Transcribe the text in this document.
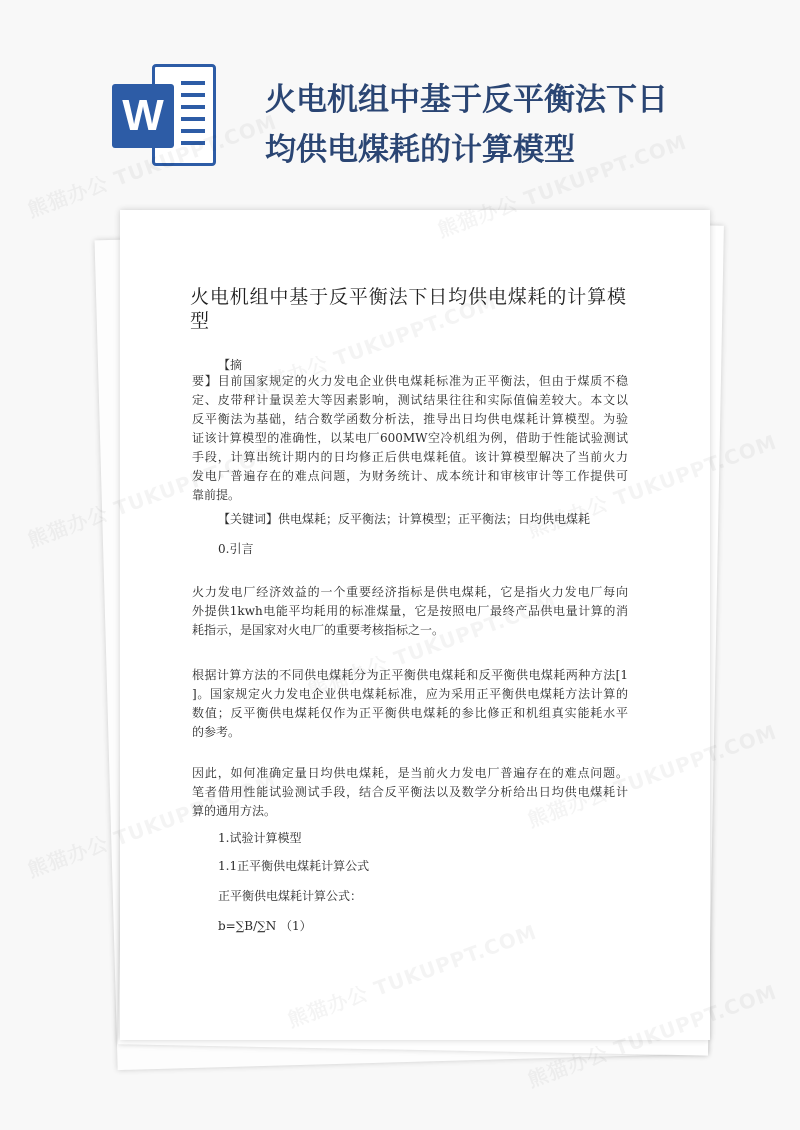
W	火电机组中基于反平衡法下日
均供电煤耗的计算模型
火电机组中基于反平衡法下日均供电煤耗的计算模
型
【摘
要】目前国家规定的火力发电企业供电煤耗标准为正平衡法，但由于煤质不稳
定、皮带秤计量误差大等因素影响，测试结果往往和实际值偏差较大。本文以
反平衡法为基础，结合数学函数分析法，推导出日均供电煤耗计算模型。为验
证该计算模型的准确性，以某电厂600MW空冷机组为例，借助于性能试验测试
手段，计算出统计期内的日均修正后供电煤耗值。该计算模型解决了当前火力
发电厂普遍存在的难点问题，为财务统计、成本统计和审核审计等工作提供可
靠前提。
【关键词】供电煤耗；反平衡法；计算模型；正平衡法；日均供电煤耗
0.引言
火力发电厂经济效益的一个重要经济指标是供电煤耗，它是指火力发电厂每向
外提供1kwh电能平均耗用的标准煤量，它是按照电厂最终产品供电量计算的消
耗指示，是国家对火电厂的重要考核指标之一。
根据计算方法的不同供电煤耗分为正平衡供电煤耗和反平衡供电煤耗两种方法[1
]。国家规定火力发电企业供电煤耗标准，应为采用正平衡供电煤耗方法计算的
数值；反平衡供电煤耗仅作为正平衡供电煤耗的参比修正和机组真实能耗水平
的参考。
因此，如何准确定量日均供电煤耗，是当前火力发电厂普遍存在的难点问题。
笔者借用性能试验测试手段，结合反平衡法以及数学分析给出日均供电煤耗计
算的通用方法。
1.试验计算模型
1.1正平衡供电煤耗计算公式
正平衡供电煤耗计算公式：
b=∑B/∑N （1）
